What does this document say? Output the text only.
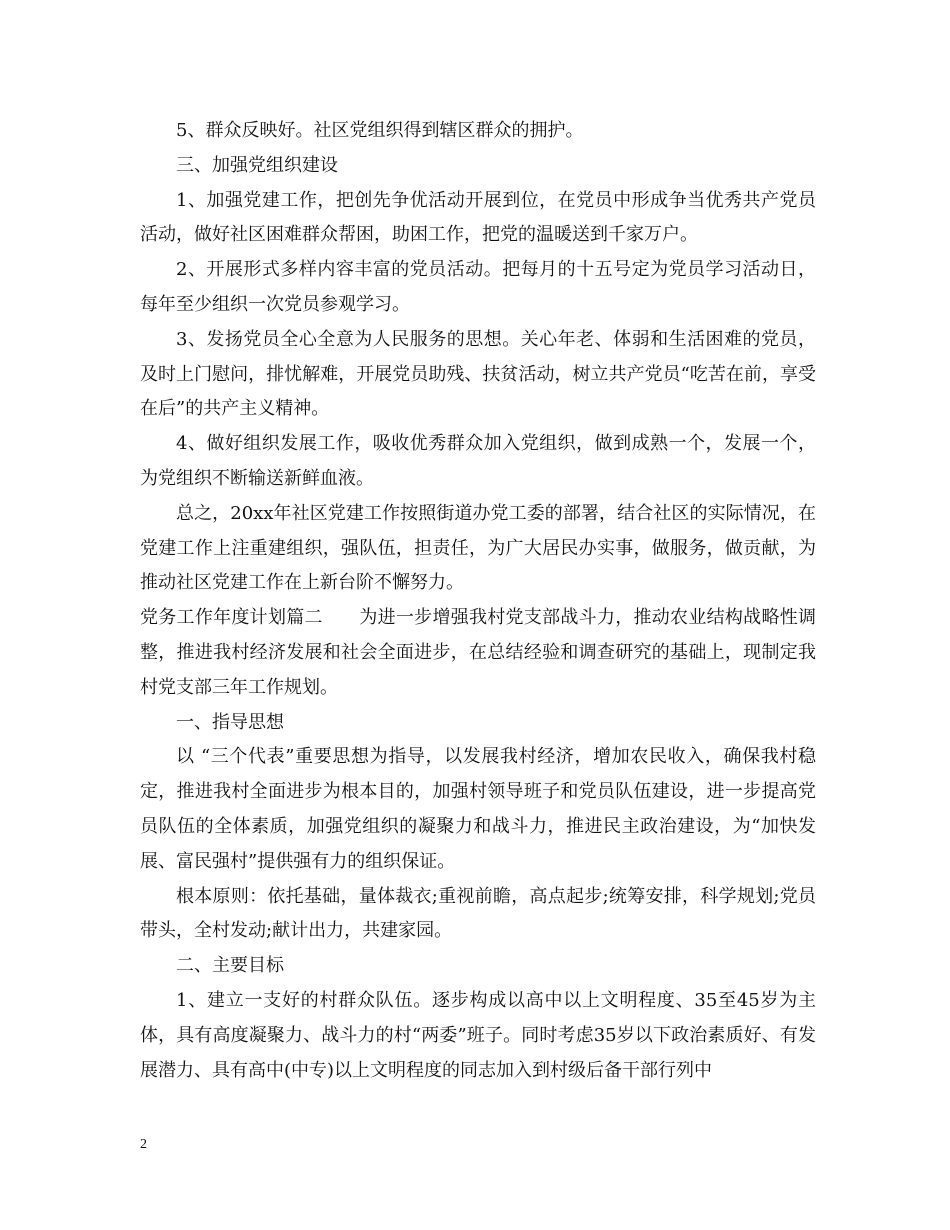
5、群众反映好。社区党组织得到辖区群众的拥护。

三、加强党组织建设

1、加强党建工作，把创先争优活动开展到位，在党员中形成争当优秀共产党员活动，做好社区困难群众帮困，助困工作，把党的温暖送到千家万户。

2、开展形式多样内容丰富的党员活动。把每月的十五号定为党员学习活动日，每年至少组织一次党员参观学习。

3、发扬党员全心全意为人民服务的思想。关心年老、体弱和生活困难的党员，及时上门慰问，排忧解难，开展党员助残、扶贫活动，树立共产党员“吃苦在前，享受在后”的共产主义精神。

4、做好组织发展工作，吸收优秀群众加入党组织，做到成熟一个，发展一个，为党组织不断输送新鲜血液。

总之，20xx年社区党建工作按照街道办党工委的部署，结合社区的实际情况，在党建工作上注重建组织，强队伍，担责任，为广大居民办实事，做服务，做贡献，为推动社区党建工作在上新台阶不懈努力。

党务工作年度计划篇二　　为进一步增强我村党支部战斗力，推动农业结构战略性调整，推进我村经济发展和社会全面进步，在总结经验和调查研究的基础上，现制定我村党支部三年工作规划。

一、指导思想

以 “三个代表”重要思想为指导，以发展我村经济，增加农民收入，确保我村稳定，推进我村全面进步为根本目的，加强村领导班子和党员队伍建设，进一步提高党员队伍的全体素质，加强党组织的凝聚力和战斗力，推进民主政治建设，为“加快发展、富民强村”提供强有力的组织保证。

根本原则：依托基础，量体裁衣;重视前瞻，高点起步;统筹安排，科学规划;党员带头，全村发动;献计出力，共建家园。

二、主要目标

1、建立一支好的村群众队伍。逐步构成以高中以上文明程度、35至45岁为主体，具有高度凝聚力、战斗力的村“两委”班子。同时考虑35岁以下政治素质好、有发展潜力、具有高中(中专)以上文明程度的同志加入到村级后备干部行列中

2
